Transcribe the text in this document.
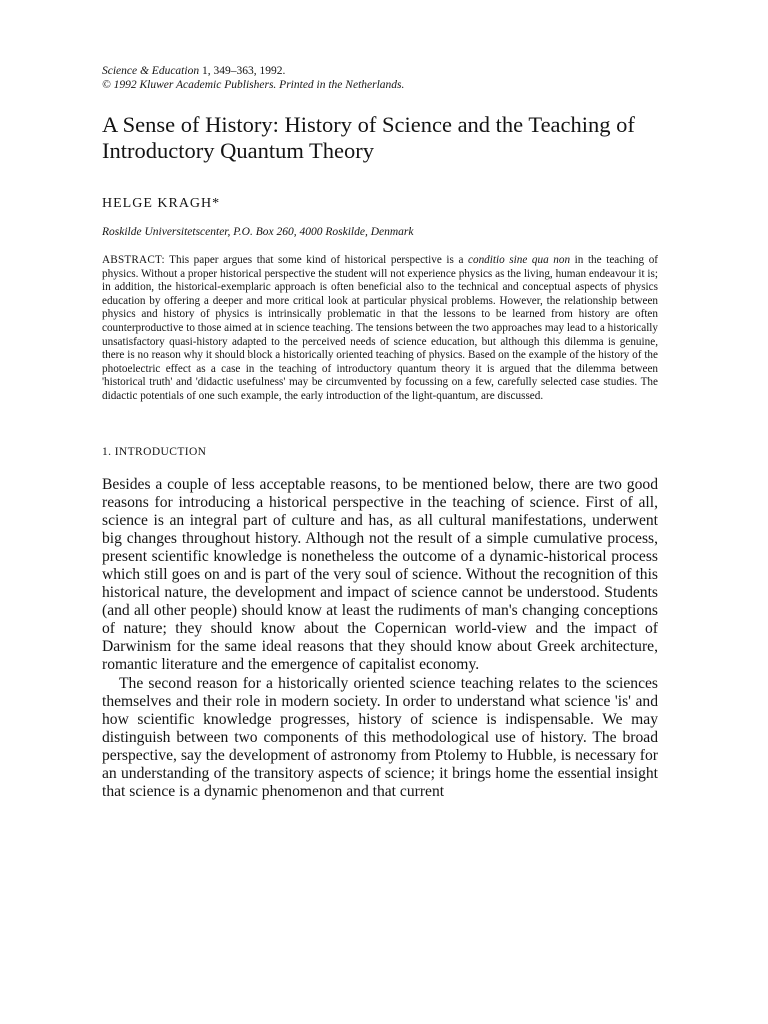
Science & Education 1, 349–363, 1992.
© 1992 Kluwer Academic Publishers. Printed in the Netherlands.
A Sense of History: History of Science and the Teaching of Introductory Quantum Theory
HELGE KRAGH*
Roskilde Universitetscenter, P.O. Box 260, 4000 Roskilde, Denmark
ABSTRACT: This paper argues that some kind of historical perspective is a conditio sine qua non in the teaching of physics. Without a proper historical perspective the student will not experience physics as the living, human endeavour it is; in addition, the historical-exemplaric approach is often beneficial also to the technical and conceptual aspects of physics education by offering a deeper and more critical look at particular physical problems. However, the relationship between physics and history of physics is intrinsically problematic in that the lessons to be learned from history are often counterproductive to those aimed at in science teaching. The tensions between the two approaches may lead to a historically unsatisfactory quasi-history adapted to the perceived needs of science education, but although this dilemma is genuine, there is no reason why it should block a historically oriented teaching of physics. Based on the example of the history of the photoelectric effect as a case in the teaching of introductory quantum theory it is argued that the dilemma between 'historical truth' and 'didactic usefulness' may be circumvented by focussing on a few, carefully selected case studies. The didactic potentials of one such example, the early introduction of the light-quantum, are discussed.
1. INTRODUCTION

Besides a couple of less acceptable reasons, to be mentioned below, there are two good reasons for introducing a historical perspective in the teaching of science. First of all, science is an integral part of culture and has, as all cultural manifestations, underwent big changes throughout history. Although not the result of a simple cumulative process, present scientific knowledge is nonetheless the outcome of a dynamic-historical process which still goes on and is part of the very soul of science. Without the recognition of this historical nature, the development and impact of science cannot be understood. Students (and all other people) should know at least the rudiments of man's changing conceptions of nature; they should know about the Copernican world-view and the impact of Darwinism for the same ideal reasons that they should know about Greek architecture, romantic literature and the emergence of capitalist economy.

The second reason for a historically oriented science teaching relates to the sciences themselves and their role in modern society. In order to understand what science 'is' and how scientific knowledge progresses, history of science is indispensable. We may distinguish between two components of this methodological use of history. The broad perspective, say the development of astronomy from Ptolemy to Hubble, is necessary for an understanding of the transitory aspects of science; it brings home the essential insight that science is a dynamic phenomenon and that current
